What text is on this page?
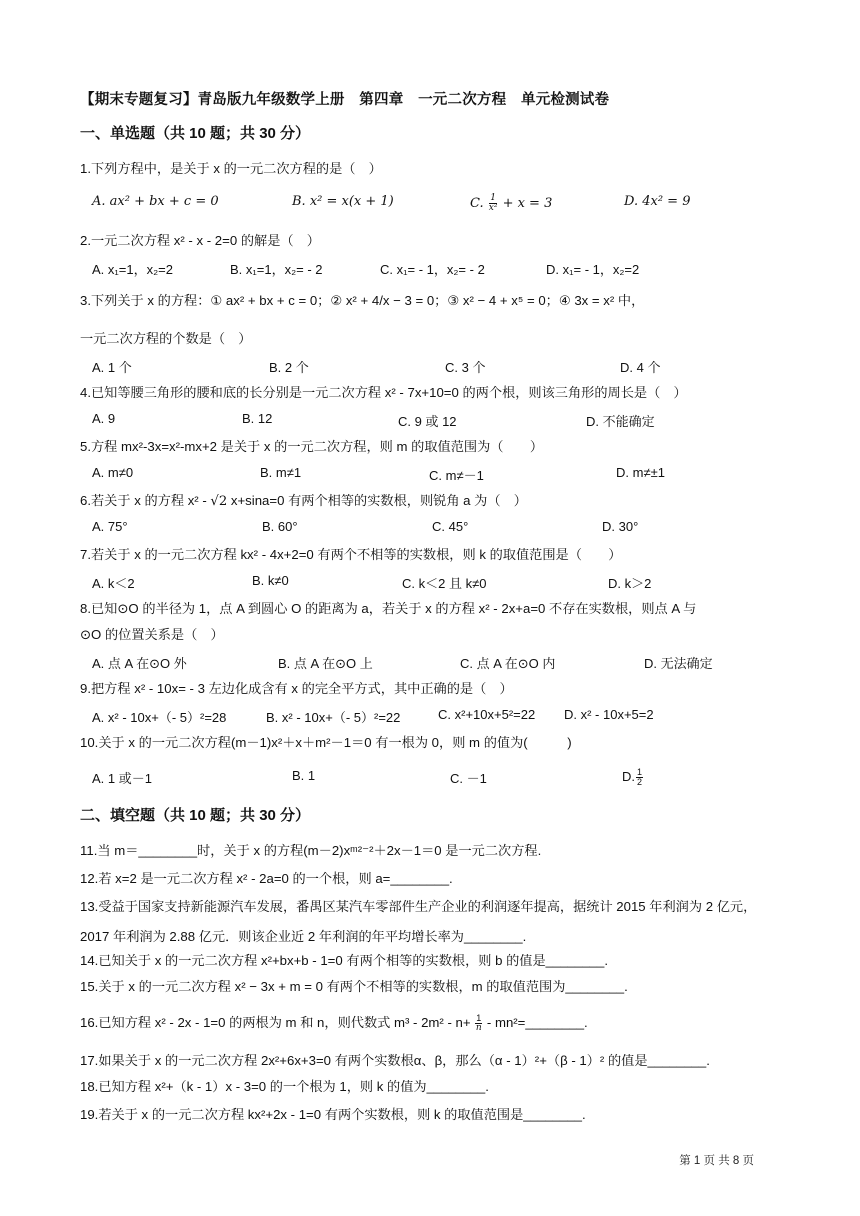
【期末专题复习】青岛版九年级数学上册　第四章　一元二次方程　单元检测试卷
一、单选题（共 10 题；共 30 分）
1.下列方程中，是关于 x 的一元二次方程的是（　）
A. ax² + bx + c = 0	B. x² = x(x + 1)	C. $\frac{1}{\text{x²}} + x = 3$	D. 4x² = 9
2.一元二次方程 x² - x - 2=0 的解是（　）
A. x₁=1，x₂=2	B. x₁=1，x₂= - 2	C. x₁= - 1，x₂= - 2	D. x₁= - 1，x₂=2
3.下列关于 x 的方程：① ax² + bx + c = 0；② x² + 4/x − 3 = 0；③ x² − 4 + x⁵ = 0；④ 3x = x² 中，
一元二次方程的个数是（　）
A. 1 个	B. 2 个	C. 3 个	D. 4 个
4.已知等腰三角形的腰和底的长分别是一元二次方程 x² - 7x+10=0 的两个根，则该三角形的周长是（　）
A. 9	B. 12	C. 9 或 12	D. 不能确定
5.方程 mx²-3x=x²-mx+2 是关于 x 的一元二次方程，则 m 的取值范围为（　　）
A. m≠0	B. m≠1	C. m≠－1	D. m≠±1
6.若关于 x 的方程 x² - √2 x+sina=0 有两个相等的实数根，则锐角 a 为（　）
A. 75°	B. 60°	C. 45°	D. 30°
7.若关于 x 的一元二次方程 kx² - 4x+2=0 有两个不相等的实数根，则 k 的取值范围是（　　）
A. k＜2	B. k≠0	C. k＜2 且 k≠0	D. k＞2
8.已知⊙O 的半径为 1，点 A 到圆心 O 的距离为 a，若关于 x 的方程 x² - 2x+a=0 不存在实数根，则点 A 与
⊙O 的位置关系是（　）
A. 点 A 在⊙O 外	B. 点 A 在⊙O 上	C. 点 A 在⊙O 内	D. 无法确定
9.把方程 x² - 10x= - 3 左边化成含有 x 的完全平方式，其中正确的是（　）
A. x² - 10x+（- 5）²=28	B. x² - 10x+（- 5）²=22	C. x²+10x+5²=22 D. x² - 10x+5=2
10.关于 x 的一元二次方程(m－1)x²＋x＋m²－1＝0 有一根为 0，则 m 的值为(　　　)
A. 1 或－1	B. 1	C. －1	D. $\frac{1}{2}$
二、填空题（共 10 题；共 30 分）
11.当 m＝________时，关于 x 的方程(m－2)xᵐ²⁻²＋2x－1＝0 是一元二次方程.
12.若 x=2 是一元二次方程 x² - 2a=0 的一个根，则 a=________.
13.受益于国家支持新能源汽车发展，番禺区某汽车零部件生产企业的利润逐年提高，据统计 2015 年利润为 2 亿元，2017 年利润为 2.88 亿元．则该企业近 2 年利润的年平均增长率为________.
14.已知关于 x 的一元二次方程 x²+bx+b - 1=0 有两个相等的实数根，则 b 的值是________.
15.关于 x 的一元二次方程 x² − 3x + m = 0 有两个不相等的实数根，m 的取值范围为________.
16.已知方程 x² - 2x - 1=0 的两根为 m 和 n，则代数式 $m^3 - 2m^2 - n+ \frac{1}{n}$ - mn²=________.
17.如果关于 x 的一元二次方程 2x²+6x+3=0 有两个实数根α、β，那么（α - 1）²+（β - 1）² 的值是________.
18.已知方程 x²+（k - 1）x - 3=0 的一个根为 1，则 k 的值为________.
19.若关于 x 的一元二次方程 kx²+2x - 1=0 有两个实数根，则 k 的取值范围是________.
第 1 页 共 8 页
